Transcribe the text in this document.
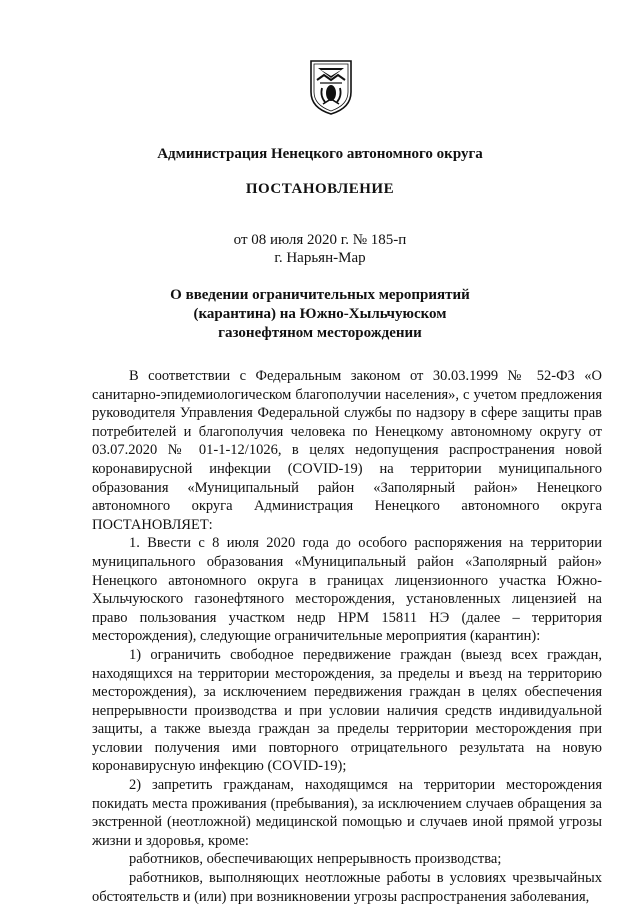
Администрация Ненецкого автономного округа
ПОСТАНОВЛЕНИЕ
от 08 июля 2020 г. № 185-п
г. Нарьян-Мар
О введении ограничительных мероприятий
(карантина) на Южно-Хыльчуюском
газонефтяном месторождении

В соответствии с Федеральным законом от 30.03.1999 № 52-ФЗ «О санитарно-эпидемиологическом благополучии населения», с учетом предложения руководителя Управления Федеральной службы по надзору в сфере защиты прав потребителей и благополучия человека по Ненецкому автономному округу от 03.07.2020 № 01-1-12/1026, в целях недопущения распространения новой коронавирусной инфекции (COVID-19) на территории муниципального образования «Муниципальный район «Заполярный район» Ненецкого автономного округа Администрация Ненецкого автономного округа ПОСТАНОВЛЯЕТ:

1. Ввести с 8 июля 2020 года до особого распоряжения на территории муниципального образования «Муниципальный район «Заполярный район» Ненецкого автономного округа в границах лицензионного участка Южно-Хыльчуюского газонефтяного месторождения, установленных лицензией на право пользования участком недр НРМ 15811 НЭ (далее – территория месторождения), следующие ограничительные мероприятия (карантин):

1) ограничить свободное передвижение граждан (выезд всех граждан, находящихся на территории месторождения, за пределы и въезд на территорию месторождения), за исключением передвижения граждан в целях обеспечения непрерывности производства и при условии наличия средств индивидуальной защиты, а также выезда граждан за пределы территории месторождения при условии получения ими повторного отрицательного результата на новую коронавирусную инфекцию (COVID-19);

2) запретить гражданам, находящимся на территории месторождения покидать места проживания (пребывания), за исключением случаев обращения за экстренной (неотложной) медицинской помощью и случаев иной прямой угрозы жизни и здоровья, кроме:

работников, обеспечивающих непрерывность производства;

работников, выполняющих неотложные работы в условиях чрезвычайных обстоятельств и (или) при возникновении угрозы распространения заболевания,
